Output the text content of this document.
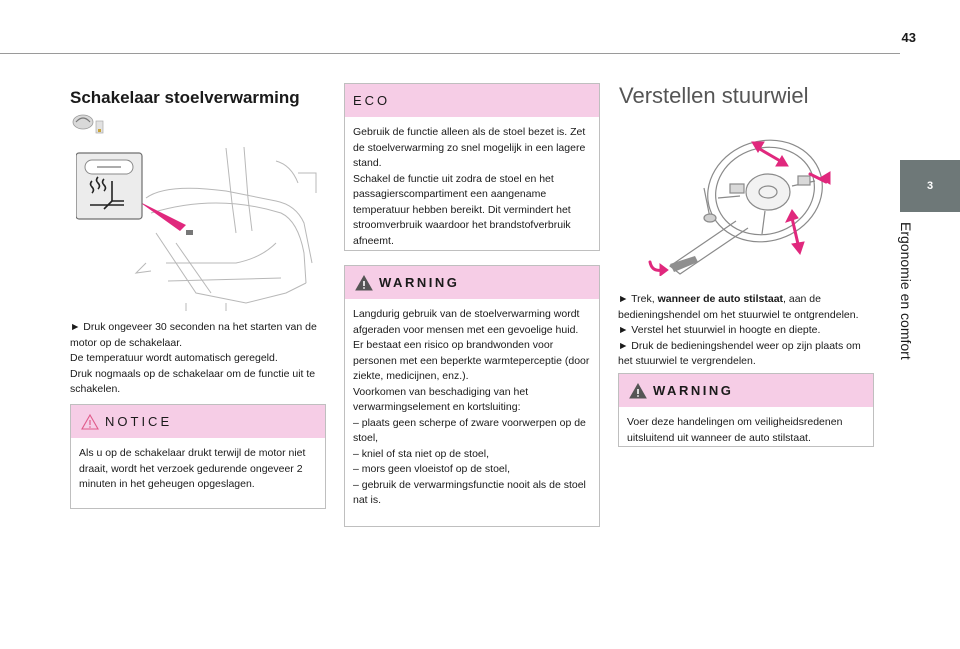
43
3
Ergonomie en comfort
Schakelaar stoelverwarming
► Druk ongeveer 30 seconden na het starten van de motor op de schakelaar.
De temperatuur wordt automatisch geregeld.
Druk nogmaals op de schakelaar om de functie uit te schakelen.
NOTICE
Als u op de schakelaar drukt terwijl de motor niet draait, wordt het verzoek gedurende ongeveer 2 minuten in het geheugen opgeslagen.
ECO
Gebruik de functie alleen als de stoel bezet is. Zet de stoelverwarming zo snel mogelijk in een lagere stand.
Schakel de functie uit zodra de stoel en het passagierscompartiment een aangename temperatuur hebben bereikt. Dit vermindert het stroomverbruik waardoor het brandstofverbruik afneemt.
WARNING
Langdurig gebruik van de stoelverwarming wordt afgeraden voor mensen met een gevoelige huid.
Er bestaat een risico op brandwonden voor personen met een beperkte warmteperceptie (door ziekte, medicijnen, enz.).
Voorkomen van beschadiging van het verwarmingselement en kortsluiting:
– plaats geen scherpe of zware voorwerpen op de stoel,
– kniel of sta niet op de stoel,
– mors geen vloeistof op de stoel,
– gebruik de verwarmingsfunctie nooit als de stoel nat is.
Verstellen stuurwiel
► Trek, wanneer de auto stilstaat, aan de bedieningshendel om het stuurwiel te ontgrendelen.
► Verstel het stuurwiel in hoogte en diepte.
► Druk de bedieningshendel weer op zijn plaats om het stuurwiel te vergrendelen.
WARNING
Voer deze handelingen om veiligheidsredenen uitsluitend uit wanneer de auto stilstaat.
